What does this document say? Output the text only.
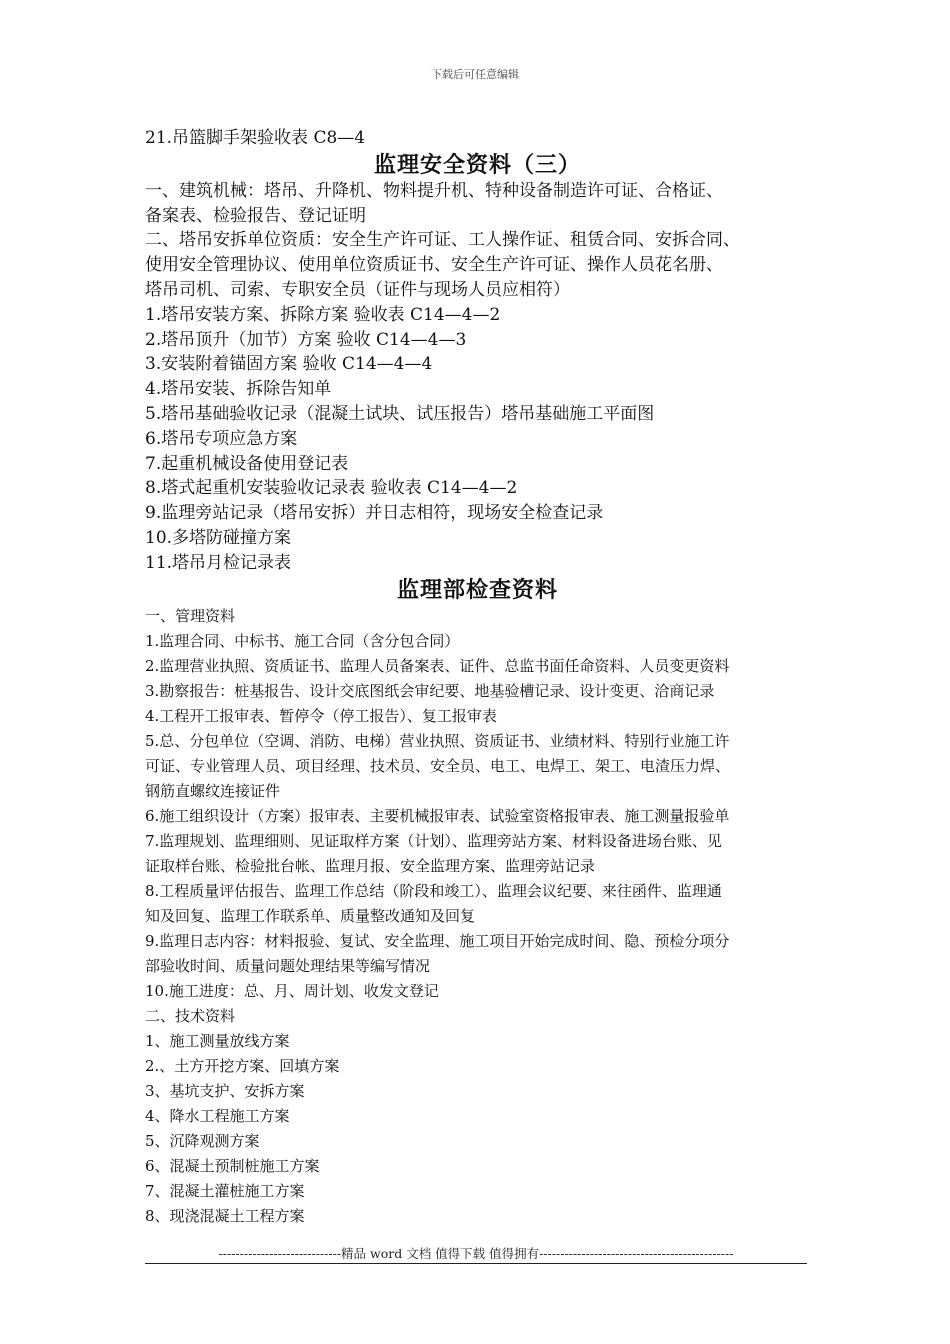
下载后可任意编辑
21.吊篮脚手架验收表 C8—4
监理安全资料（三）
一、建筑机械：塔吊、升降机、物料提升机、特种设备制造许可证、合格证、
备案表、检验报告、登记证明
二、塔吊安拆单位资质：安全生产许可证、工人操作证、租赁合同、安拆合同、
使用安全管理协议、使用单位资质证书、安全生产许可证、操作人员花名册、
塔吊司机、司索、专职安全员（证件与现场人员应相符）
1.塔吊安装方案、拆除方案 验收表 C14—4—2
2.塔吊顶升（加节）方案 验收 C14—4—3
3.安装附着锚固方案 验收 C14—4—4
4.塔吊安装、拆除告知单
5.塔吊基础验收记录（混凝土试块、试压报告）塔吊基础施工平面图
6.塔吊专项应急方案
7.起重机械设备使用登记表
8.塔式起重机安装验收记录表 验收表 C14—4—2
9.监理旁站记录（塔吊安拆）并日志相符，现场安全检查记录
10.多塔防碰撞方案
11.塔吊月检记录表
监理部检查资料
一、管理资料
1.监理合同、中标书、施工合同（含分包合同）
2.监理营业执照、资质证书、监理人员备案表、证件、总监书面任命资料、人员变更资料
3.勘察报告：桩基报告、设计交底图纸会审纪要、地基验槽记录、设计变更、洽商记录
4.工程开工报审表、暂停令（停工报告）、复工报审表
5.总、分包单位（空调、消防、电梯）营业执照、资质证书、业绩材料、特别行业施工许
可证、专业管理人员、项目经理、技术员、安全员、电工、电焊工、架工、电渣压力焊、
钢筋直螺纹连接证件
6.施工组织设计（方案）报审表、主要机械报审表、试验室资格报审表、施工测量报验单
7.监理规划、监理细则、见证取样方案（计划）、监理旁站方案、材料设备进场台账、见
证取样台账、检验批台帐、监理月报、安全监理方案、监理旁站记录
8.工程质量评估报告、监理工作总结（阶段和竣工）、监理会议纪要、来往函件、监理通
知及回复、监理工作联系单、质量整改通知及回复
9.监理日志内容：材料报验、复试、安全监理、施工项目开始完成时间、隐、预检分项分
部验收时间、质量问题处理结果等编写情况
10.施工进度：总、月、周计划、收发文登记
二、技术资料
1、施工测量放线方案
2.、土方开挖方案、回填方案
3、基坑支护、安拆方案
4、降水工程施工方案
5、沉降观测方案
6、混凝土预制桩施工方案
7、混凝土灌桩施工方案
8、现浇混凝土工程方案
-----------------------------精品 word 文档 值得下载 值得拥有----------------------------------------------
